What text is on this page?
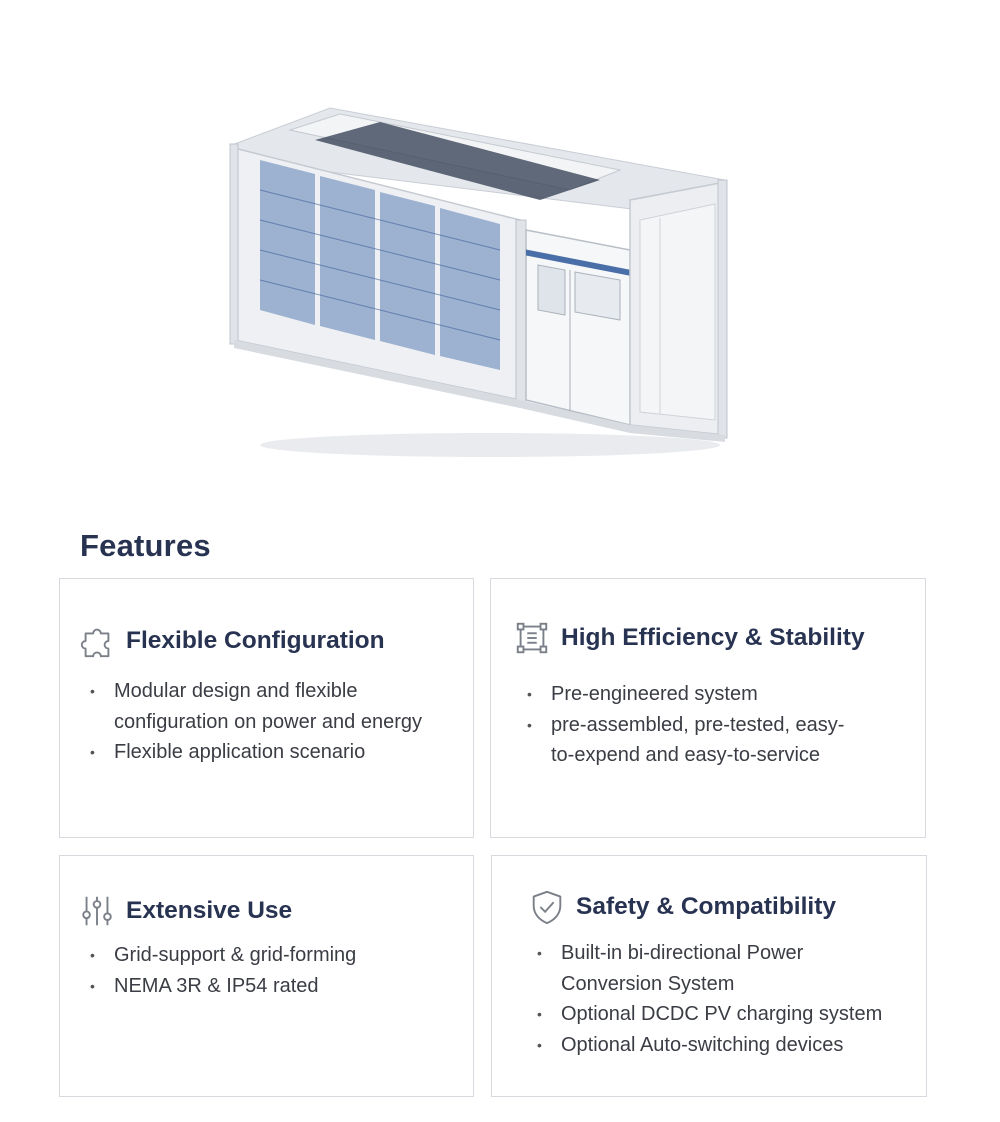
Features
Flexible Configuration
• Modular design and flexible configuration on power and energy
• Flexible application scenario
High Efficiency & Stability
• Pre-engineered system
• pre-assembled, pre-tested, easy-to-expend and easy-to-service
Extensive Use
• Grid-support & grid-forming
• NEMA 3R & IP54 rated
Safety & Compatibility
• Built-in bi-directional Power Conversion System
• Optional DCDC PV charging system
• Optional Auto-switching devices
